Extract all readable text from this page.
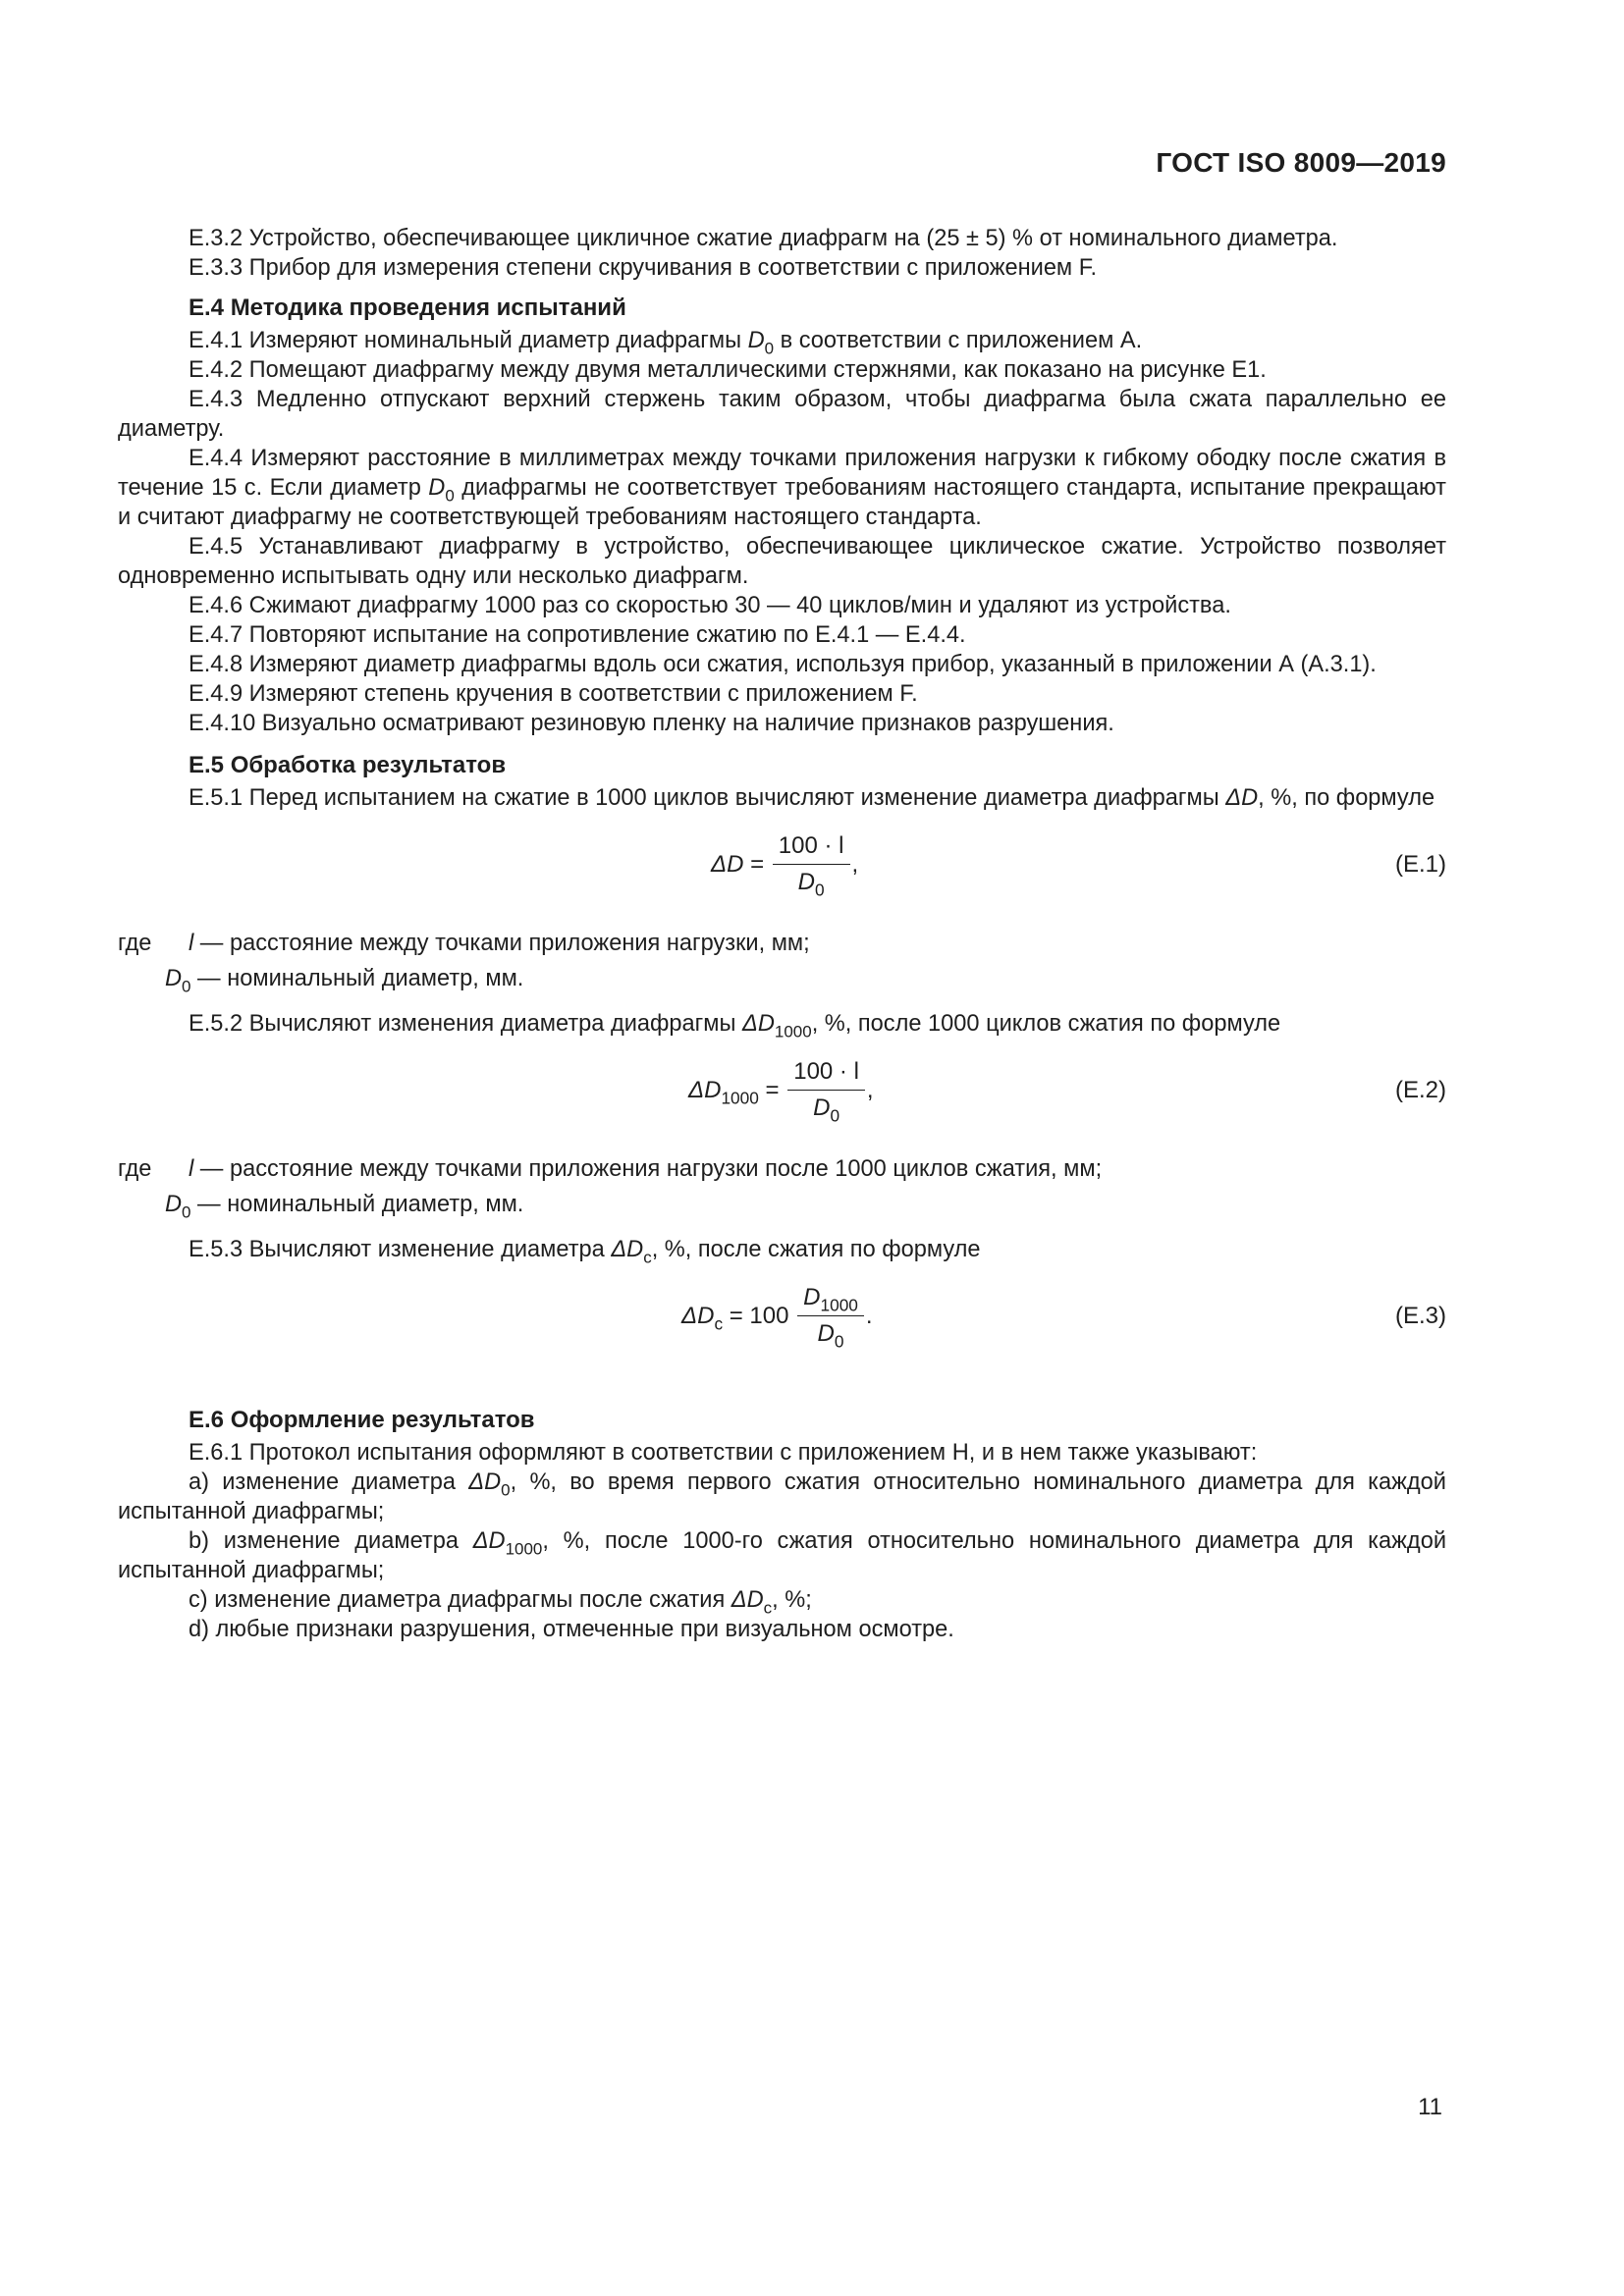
ГОСТ ISO 8009—2019

Е.3.2 Устройство, обеспечивающее цикличное сжатие диафрагм на (25 ± 5) % от номинального диаметра.

Е.3.3 Прибор для измерения степени скручивания в соответствии с приложением F.

Е.4 Методика проведения испытаний

Е.4.1 Измеряют номинальный диаметр диафрагмы $D_0$ в соответствии с приложением А.

Е.4.2 Помещают диафрагму между двумя металлическими стержнями, как показано на рисунке Е1.

Е.4.3 Медленно отпускают верхний стержень таким образом, чтобы диафрагма была сжата параллельно ее диаметру.

Е.4.4 Измеряют расстояние в миллиметрах между точками приложения нагрузки к гибкому ободку после сжатия в течение 15 с. Если диаметр $D_0$ диафрагмы не соответствует требованиям настоящего стандарта, испытание прекращают и считают диафрагму не соответствующей требованиям настоящего стандарта.

Е.4.5 Устанавливают диафрагму в устройство, обеспечивающее циклическое сжатие. Устройство позволяет одновременно испытывать одну или несколько диафрагм.

Е.4.6 Сжимают диафрагму 1000 раз со скоростью 30 — 40 циклов/мин и удаляют из устройства.

Е.4.7 Повторяют испытание на сопротивление сжатию по Е.4.1 — Е.4.4.

Е.4.8 Измеряют диаметр диафрагмы вдоль оси сжатия, используя прибор, указанный в приложении А (А.3.1).

Е.4.9 Измеряют степень кручения в соответствии с приложением F.

Е.4.10 Визуально осматривают резиновую пленку на наличие признаков разрушения.

Е.5 Обработка результатов

Е.5.1 Перед испытанием на сжатие в 1000 циклов вычисляют изменение диаметра диафрагмы ΔD, %, по формуле

$\Delta D = \frac{100 \cdot l}{D_0}$ ,	(Е.1)
где l — расстояние между точками приложения нагрузки, мм;
$D_0$ — номинальный диаметр, мм.

Е.5.2 Вычисляют изменения диаметра диафрагмы $\Delta D_{1000}$, %, после 1000 циклов сжатия по формуле

$\Delta D_{1000} = \frac{100 \cdot l}{D_0}$ ,	(Е.2)
где l — расстояние между точками приложения нагрузки после 1000 циклов сжатия, мм;
$D_0$ — номинальный диаметр, мм.

Е.5.3 Вычисляют изменение диаметра $\Delta D_c$, %, после сжатия по формуле

$\Delta D_c = 100 \frac{D_{1000}}{D_0}$ .	(Е.3)
Е.6 Оформление результатов

Е.6.1 Протокол испытания оформляют в соответствии с приложением H, и в нем также указывают:

a) изменение диаметра $\Delta D_0$, %, во время первого сжатия относительно номинального диаметра для каждой испытанной диафрагмы;

b) изменение диаметра $\Delta D_{1000}$, %, после 1000-го сжатия относительно номинального диаметра для каждой испытанной диафрагмы;

c) изменение диаметра диафрагмы после сжатия $\Delta D_c$, %;

d) любые признаки разрушения, отмеченные при визуальном осмотре.

11
